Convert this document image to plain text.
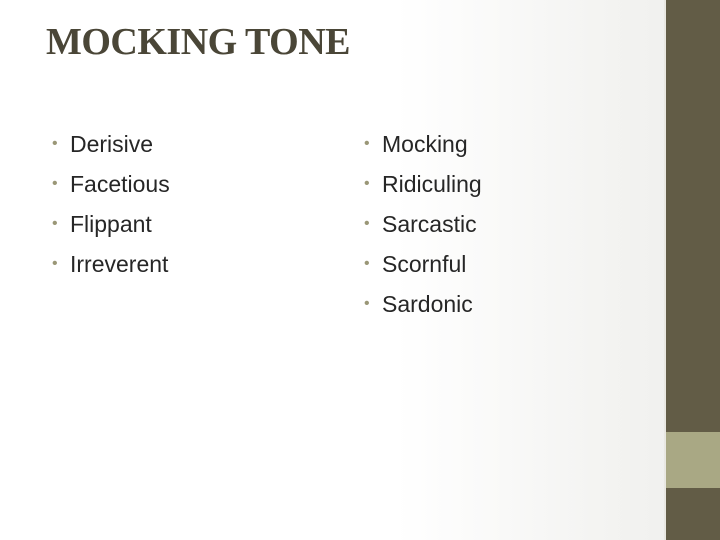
MOCKING TONE
• Derisive
• Facetious
• Flippant
• Irreverent
• Mocking
• Ridiculing
• Sarcastic
• Scornful
• Sardonic
